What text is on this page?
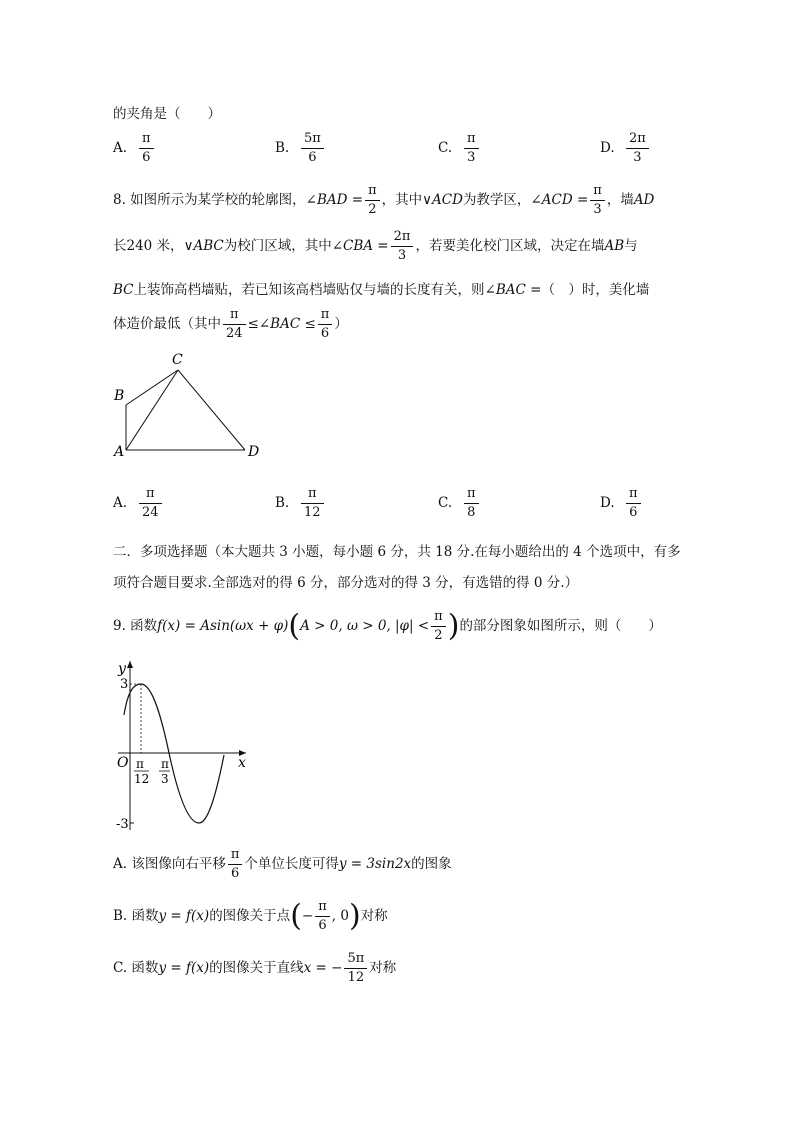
的夹角是（　　）
A. $\frac{\pi}{6}$	B. $\frac{5\pi}{6}$	C. $\frac{\pi}{3}$	D. $\frac{2\pi}{3}$
8. 如图所示为某学校的轮廓图，∠BAD = $\frac{\pi}{2}$ ，其中∨ACD为教学区，∠ACD = $\frac{\pi}{3}$ ，墙AD
长240 米，∨ABC为校门区域，其中∠CBA = $\frac{2\pi}{3}$ ，若要美化校门区域，决定在墙AB与
BC上装饰高档墙贴，若已知该高档墙贴仅与墙的长度有关，则∠BAC =（　）时，美化墙
体造价最低（其中 $\frac{\pi}{24}$ ≤∠BAC ≤ $\frac{\pi}{6}$ ）
A
B
C
D
A. $\frac{\pi}{24}$	B. $\frac{\pi}{12}$	C. $\frac{\pi}{8}$	D. $\frac{\pi}{6}$
二．多项选择题（本大题共 3 小题，每小题 6 分，共 18 分.在每小题给出的 4 个选项中，有多
项符合题目要求.全部选对的得 6 分，部分选对的得 3 分，有选错的得 0 分.）
9. 函数f(x) = Asin(ωx + φ)(A > 0, ω > 0, $|\varphi| < \frac{\pi}{2}$ )的部分图象如图所示，则（　　）
y
x
O
3
-3
π
12
π
3
A. 该图像向右平移 $\frac{\pi}{6}$ 个单位长度可得y = 3sin2x的图象
B. 函数y = f(x)的图像关于点(− $\frac{\pi}{6}$ , 0)对称
C. 函数y = f(x)的图像关于直线x = − $\frac{5\pi}{12}$ 对称
